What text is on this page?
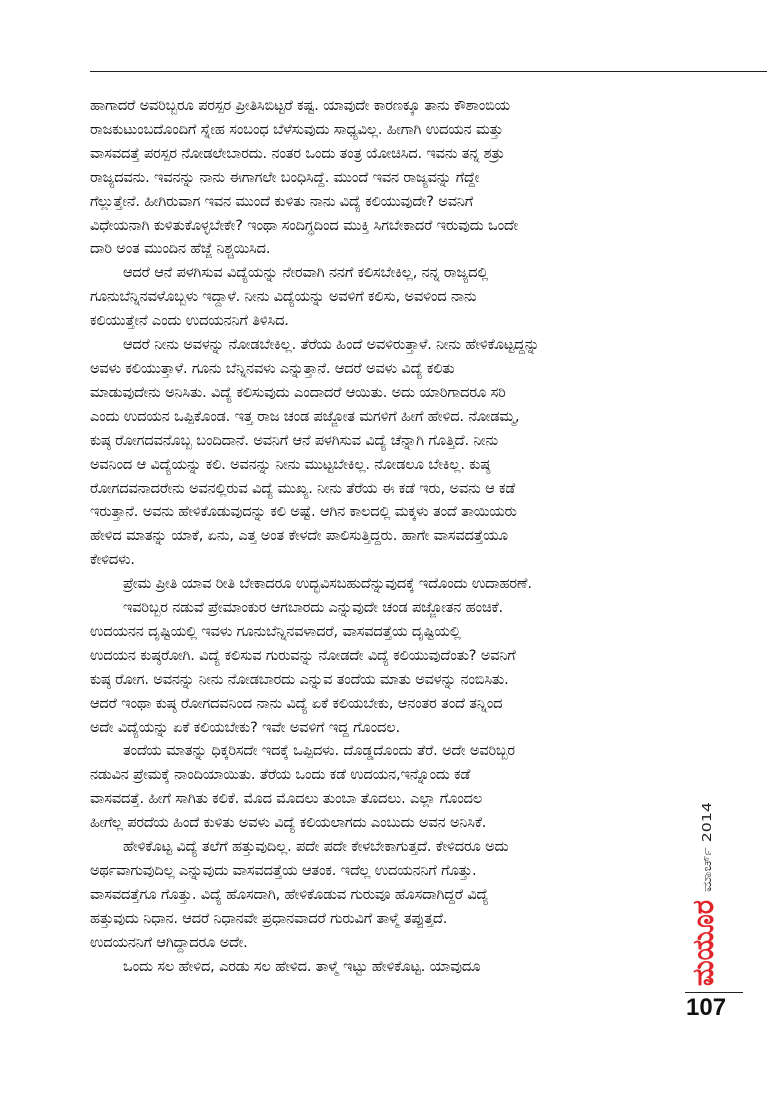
ಹಾಗಾದರೆ ಅವರಿಬ್ಬರೂ ಪರಸ್ಪರ ಪ್ರೀತಿಸಿಬಿಟ್ಟರೆ ಕಷ್ಟ. ಯಾವುದೇ ಕಾರಣಕ್ಕೂ ತಾನು ಕೌಶಾಂಬಿಯ
ರಾಜಕುಟುಂಬದೊಂದಿಗೆ ಸ್ನೇಹ ಸಂಬಂಧ ಬೆಳೆಸುವುದು ಸಾಧ್ಯವಿಲ್ಲ. ಹೀಗಾಗಿ ಉದಯನ ಮತ್ತು
ವಾಸವದತ್ತೆ ಪರಸ್ಪರ ನೋಡಲೇಬಾರದು. ನಂತರ ಒಂದು ತಂತ್ರ ಯೋಚಿಸಿದ. ಇವನು ತನ್ನ ಶತ್ರು
ರಾಜ್ಯದವನು. ಇವನನ್ನು ನಾನು ಈಗಾಗಲೇ ಬಂಧಿಸಿದ್ದೆ. ಮುಂದೆ ಇವನ ರಾಜ್ಯವನ್ನು ಗೆದ್ದೇ
ಗೆಲ್ಲುತ್ತೇನೆ. ಹೀಗಿರುವಾಗ ಇವನ ಮುಂದೆ ಕುಳಿತು ನಾನು ವಿದ್ಯೆ ಕಲಿಯುವುದೇ? ಅವನಿಗೆ
ವಿಧೇಯನಾಗಿ ಕುಳಿತುಕೊಳ್ಳಬೇಕೇ? ಇಂಥಾ ಸಂದಿಗ್ಧದಿಂದ ಮುಕ್ತಿ ಸಿಗಬೇಕಾದರೆ ಇರುವುದು ಒಂದೇ
ದಾರಿ ಅಂತ ಮುಂದಿನ ಹೆಜ್ಜೆ ನಿಶ್ಚಯಿಸಿದ.
ಆದರೆ ಆನೆ ಪಳಗಿಸುವ ವಿದ್ಯೆಯನ್ನು ನೇರವಾಗಿ ನನಗೆ ಕಲಿಸಬೇಕಿಲ್ಲ, ನನ್ನ ರಾಜ್ಯದಲ್ಲಿ
ಗೂನುಬೆನ್ನಿನವಳೊಬ್ಬಳು ಇದ್ದಾಳೆ. ನೀನು ವಿದ್ಯೆಯನ್ನು ಅವಳಿಗೆ ಕಲಿಸು, ಅವಳಿಂದ ನಾನು
ಕಲಿಯುತ್ತೇನೆ ಎಂದು ಉದಯನನಿಗೆ ತಿಳಿಸಿದ.
ಆದರೆ ನೀನು ಅವಳನ್ನು ನೋಡಬೇಕಿಲ್ಲ. ತೆರೆಯ ಹಿಂದೆ ಅವಳಿರುತ್ತಾಳೆ. ನೀನು ಹೇಳಿಕೊಟ್ಟದ್ದನ್ನು
ಅವಳು ಕಲಿಯುತ್ತಾಳೆ. ಗೂನು ಬೆನ್ನಿನವಳು ಎನ್ನುತ್ತಾನೆ. ಆದರೆ ಅವಳು ವಿದ್ಯೆ ಕಲಿತು
ಮಾಡುವುದೇನು ಅನಿಸಿತು. ವಿದ್ಯೆ ಕಲಿಸುವುದು ಎಂದಾದರೆ ಆಯಿತು. ಅದು ಯಾರಿಗಾದರೂ ಸರಿ
ಎಂದು ಉದಯನ ಒಪ್ಪಿಕೊಂಡ. ಇತ್ತ ರಾಜ ಚಂಡ ಪಜ್ಜೋತ ಮಗಳಿಗೆ ಹೀಗೆ ಹೇಳಿದ. ನೋಡಮ್ಮ,
ಕುಷ್ಠ ರೋಗದವನೊಬ್ಬ ಬಂದಿದಾನೆ. ಅವನಿಗೆ ಆನೆ ಪಳಗಿಸುವ ವಿದ್ಯೆ ಚೆನ್ನಾಗಿ ಗೊತ್ತಿದೆ. ನೀನು
ಅವನಿಂದ ಆ ವಿದ್ಯೆಯನ್ನು ಕಲಿ. ಅವನನ್ನು ನೀನು ಮುಟ್ಟಬೇಕಿಲ್ಲ. ನೋಡಲೂ ಬೇಕಿಲ್ಲ. ಕುಷ್ಠ
ರೋಗದವನಾದರೇನು ಅವನಲ್ಲಿರುವ ವಿದ್ಯೆ ಮುಖ್ಯ. ನೀನು ತೆರೆಯ ಈ ಕಡೆ ಇರು, ಅವನು ಆ ಕಡೆ
ಇರುತ್ತಾನೆ. ಅವನು ಹೇಳಿಕೊಡುವುದನ್ನು ಕಲಿ ಅಷ್ಟೆ. ಆಗಿನ ಕಾಲದಲ್ಲಿ ಮಕ್ಕಳು ತಂದೆ ತಾಯಿಯರು
ಹೇಳಿದ ಮಾತನ್ನು ಯಾಕೆ, ಏನು, ಎತ್ತ ಅಂತ ಕೇಳದೇ ಪಾಲಿಸುತ್ತಿದ್ದರು. ಹಾಗೇ ವಾಸವದತ್ತೆಯೂ
ಕೇಳಿದಳು.
ಪ್ರೇಮ ಪ್ರೀತಿ ಯಾವ ರೀತಿ ಬೇಕಾದರೂ ಉದ್ಭವಿಸಬಹುದೆನ್ನುವುದಕ್ಕೆ ಇದೊಂದು ಉದಾಹರಣೆ.
ಇವರಿಬ್ಬರ ನಡುವೆ ಪ್ರೇಮಾಂಕುರ ಆಗಬಾರದು ಎನ್ನುವುದೇ ಚಂಡ ಪಜ್ಜೋತನ ಹಂಚಿಕೆ.
ಉದಯನನ ದೃಷ್ಟಿಯಲ್ಲಿ ಇವಳು ಗೂನುಬೆನ್ನಿನವಳಾದರೆ, ವಾಸವದತ್ತೆಯ ದೃಷ್ಟಿಯಲ್ಲಿ
ಉದಯನ ಕುಷ್ಠರೋಗಿ. ವಿದ್ಯೆ ಕಲಿಸುವ ಗುರುವನ್ನು ನೋಡದೇ ವಿದ್ಯೆ ಕಲಿಯುವುದೆಂತು? ಅವನಿಗೆ
ಕುಷ್ಠ ರೋಗ. ಅವನನ್ನು ನೀನು ನೋಡಬಾರದು ಎನ್ನುವ ತಂದೆಯ ಮಾತು ಅವಳನ್ನು ನಂಬಿಸಿತು.
ಆದರೆ ಇಂಥಾ ಕುಷ್ಠ ರೋಗದವನಿಂದ ನಾನು ವಿದ್ಯೆ ಏಕೆ ಕಲಿಯಬೇಕು, ಆನಂತರ ತಂದೆ ತನ್ನಿಂದ
ಅದೇ ವಿದ್ಯೆಯನ್ನು ಏಕೆ ಕಲಿಯಬೇಕು? ಇವೇ ಅವಳಿಗೆ ಇದ್ದ ಗೊಂದಲ.
ತಂದೆಯ ಮಾತನ್ನು ಧಿಕ್ಕರಿಸದೇ ಇದಕ್ಕೆ ಒಪ್ಪಿದಳು. ದೊಡ್ಡದೊಂದು ತೆರೆ. ಅದೇ ಅವರಿಬ್ಬರ
ನಡುವಿನ ಪ್ರೇಮಕ್ಕೆ ನಾಂದಿಯಾಯಿತು. ತೆರೆಯ ಒಂದು ಕಡೆ ಉದಯನ,ಇನ್ನೊಂದು ಕಡೆ
ವಾಸವದತ್ತೆ. ಹೀಗೆ ಸಾಗಿತು ಕಲಿಕೆ. ಮೊದ ಮೊದಲು ತುಂಬಾ ತೊದಲು. ಎಲ್ಲಾ ಗೊಂದಲ
ಹೀಗೆಲ್ಲ ಪರದೆಯ ಹಿಂದೆ ಕುಳಿತು ಅವಳು ವಿದ್ಯೆ ಕಲಿಯಲಾಗದು ಎಂಬುದು ಅವನ ಅನಿಸಿಕೆ.
ಹೇಳಿಕೊಟ್ಟ ವಿದ್ಯೆ ತಲೆಗೆ ಹತ್ತುವುದಿಲ್ಲ. ಪದೇ ಪದೇ ಕೇಳಬೇಕಾಗುತ್ತದೆ. ಕೇಳಿದರೂ ಅದು
ಅರ್ಥವಾಗುವುದಿಲ್ಲ ಎನ್ನುವುದು ವಾಸವದತ್ತೆಯ ಆತಂಕ. ಇದೆಲ್ಲ ಉದಯನನಿಗೆ ಗೊತ್ತು.
ವಾಸವದತ್ತೆಗೂ ಗೊತ್ತು. ವಿದ್ಯೆ ಹೊಸದಾಗಿ, ಹೇಳಿಕೊಡುವ ಗುರುವೂ ಹೊಸದಾಗಿದ್ದರೆ ವಿದ್ಯೆ
ಹತ್ತುವುದು ನಿಧಾನ. ಆದರೆ ನಿಧಾನವೇ ಪ್ರಧಾನವಾದರೆ ಗುರುವಿಗೆ ತಾಳ್ಮೆ ತಪ್ಪುತ್ತದೆ.
ಉದಯನನಿಗೆ ಆಗಿದ್ದಾದರೂ ಅದೇ.
ಒಂದು ಸಲ ಹೇಳಿದ, ಎರಡು ಸಲ ಹೇಳಿದ. ತಾಳ್ಮೆ ಇಟ್ಟು ಹೇಳಿಕೊಟ್ಟ. ಯಾವುದೂ	ಮಯೂರ
ಮಾರ್ಚ್ 2014
107
